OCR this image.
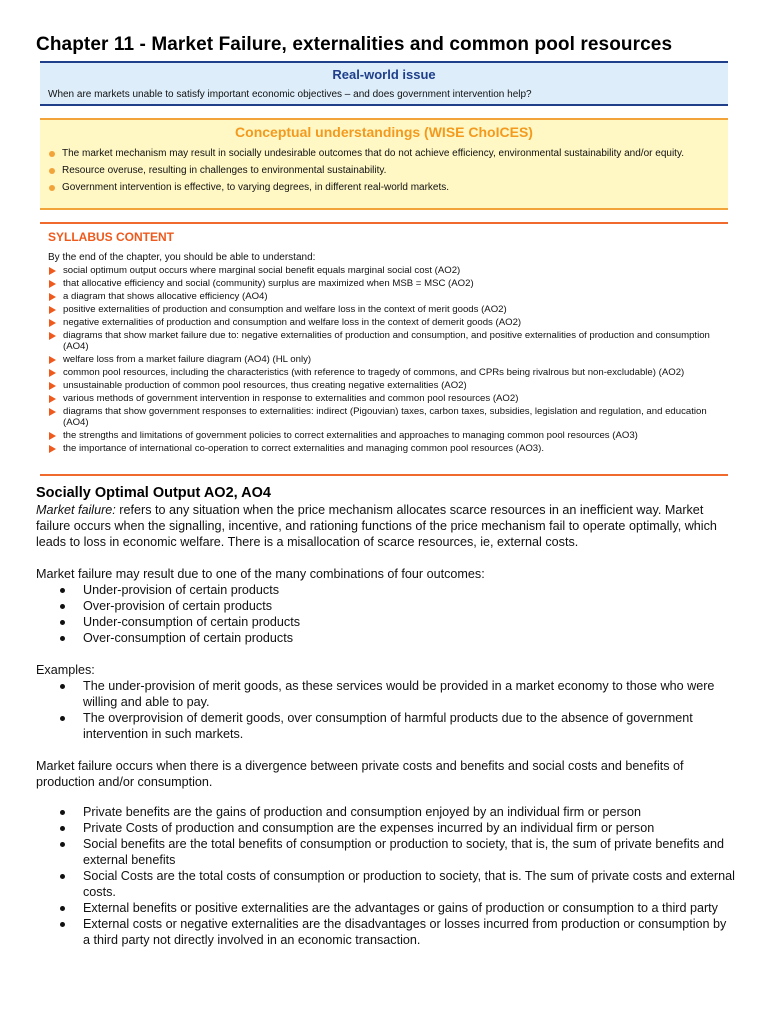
Chapter 11 - Market Failure, externalities and common pool resources
Real-world issue
When are markets unable to satisfy important economic objectives – and does government intervention help?
Conceptual understandings (WISE ChoICES)
The market mechanism may result in socially undesirable outcomes that do not achieve efficiency, environmental sustainability and/or equity.
Resource overuse, resulting in challenges to environmental sustainability.
Government intervention is effective, to varying degrees, in different real-world markets.
SYLLABUS CONTENT
By the end of the chapter, you should be able to understand:
social optimum output occurs where marginal social benefit equals marginal social cost (AO2)
that allocative efficiency and social (community) surplus are maximized when MSB = MSC (AO2)
a diagram that shows allocative efficiency (AO4)
positive externalities of production and consumption and welfare loss in the context of merit goods (AO2)
negative externalities of production and consumption and welfare loss in the context of demerit goods (AO2)
diagrams that show market failure due to: negative externalities of production and consumption, and positive externalities of production and consumption (AO4)
welfare loss from a market failure diagram (AO4) (HL only)
common pool resources, including the characteristics (with reference to tragedy of commons, and CPRs being rivalrous but non-excludable) (AO2)
unsustainable production of common pool resources, thus creating negative externalities (AO2)
various methods of government intervention in response to externalities and common pool resources (AO2)
diagrams that show government responses to externalities: indirect (Pigouvian) taxes, carbon taxes, subsidies, legislation and regulation, and education (AO4)
the strengths and limitations of government policies to correct externalities and approaches to managing common pool resources (AO3)
the importance of international co-operation to correct externalities and managing common pool resources (AO3).
Socially Optimal Output AO2, AO4

Market failure: refers to any situation when the price mechanism allocates scarce resources in an inefficient way. Market failure occurs when the signalling, incentive, and rationing functions of the price mechanism fail to operate optimally, which leads to loss in economic welfare. There is a misallocation of scarce resources, ie, external costs.

Market failure may result due to one of the many combinations of four outcomes:

Under-provision of certain products
Over-provision of certain products
Under-consumption of certain products
Over-consumption of certain products

Examples:

The under-provision of merit goods, as these services would be provided in a market economy to those who were willing and able to pay.
The overprovision of demerit goods, over consumption of harmful products due to the absence of government intervention in such markets.

Market failure occurs when there is a divergence between private costs and benefits and social costs and benefits of production and/or consumption.

Private benefits are the gains of production and consumption enjoyed by an individual firm or person
Private Costs of production and consumption are the expenses incurred by an individual firm or person
Social benefits are the total benefits of consumption or production to society, that is, the sum of private benefits and external benefits
Social Costs are the total costs of consumption or production to society, that is. The sum of private costs and external costs.
External benefits or positive externalities are the advantages or gains of production or consumption to a third party
External costs or negative externalities are the disadvantages or losses incurred from production or consumption by a third party not directly involved in an economic transaction.
